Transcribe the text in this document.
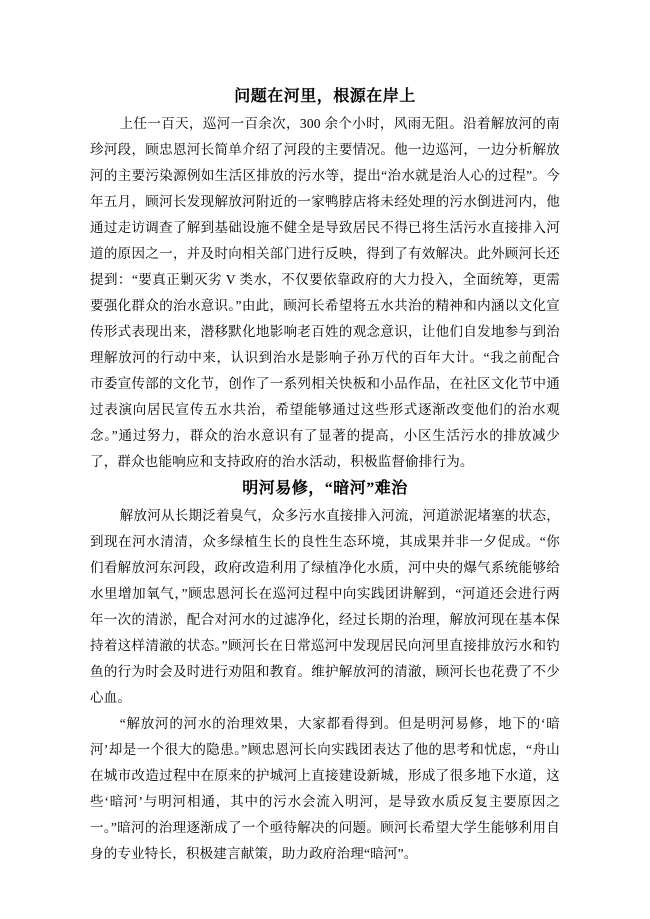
问题在河里，根源在岸上

上任一百天，巡河一百余次，300 余个小时，风雨无阻。沿着解放河的南珍河段，顾忠恩河长简单介绍了河段的主要情况。他一边巡河，一边分析解放河的主要污染源例如生活区排放的污水等，提出“治水就是治人心的过程”。今年五月，顾河长发现解放河附近的一家鸭脖店将未经处理的污水倒进河内，他通过走访调查了解到基础设施不健全是导致居民不得已将生活污水直接排入河道的原因之一，并及时向相关部门进行反映，得到了有效解决。此外顾河长还提到：“要真正剿灭劣 V 类水，不仅要依靠政府的大力投入，全面统筹，更需要强化群众的治水意识。”由此，顾河长希望将五水共治的精神和内涵以文化宣传形式表现出来，潜移默化地影响老百姓的观念意识，让他们自发地参与到治理解放河的行动中来，认识到治水是影响子孙万代的百年大计。“我之前配合市委宣传部的文化节，创作了一系列相关快板和小品作品，在社区文化节中通过表演向居民宣传五水共治，希望能够通过这些形式逐渐改变他们的治水观念。”通过努力，群众的治水意识有了显著的提高，小区生活污水的排放减少了，群众也能响应和支持政府的治水活动，积极监督偷排行为。

明河易修，“暗河”难治

解放河从长期泛着臭气，众多污水直接排入河流，河道淤泥堵塞的状态，到现在河水清清，众多绿植生长的良性生态环境，其成果并非一夕促成。“你们看解放河东河段，政府改造利用了绿植净化水质，河中央的爆气系统能够给水里增加氧气，”顾忠恩河长在巡河过程中向实践团讲解到，“河道还会进行两年一次的清淤，配合对河水的过滤净化，经过长期的治理，解放河现在基本保持着这样清澈的状态。”顾河长在日常巡河中发现居民向河里直接排放污水和钓鱼的行为时会及时进行劝阻和教育。维护解放河的清澈，顾河长也花费了不少心血。

“解放河的河水的治理效果，大家都看得到。但是明河易修，地下的‘暗河’却是一个很大的隐患。”顾忠恩河长向实践团表达了他的思考和忧虑，“舟山在城市改造过程中在原来的护城河上直接建设新城，形成了很多地下水道，这些‘暗河’与明河相通，其中的污水会流入明河，是导致水质反复主要原因之一。”暗河的治理逐渐成了一个亟待解决的问题。顾河长希望大学生能够利用自身的专业特长，积极建言献策，助力政府治理“暗河”。
